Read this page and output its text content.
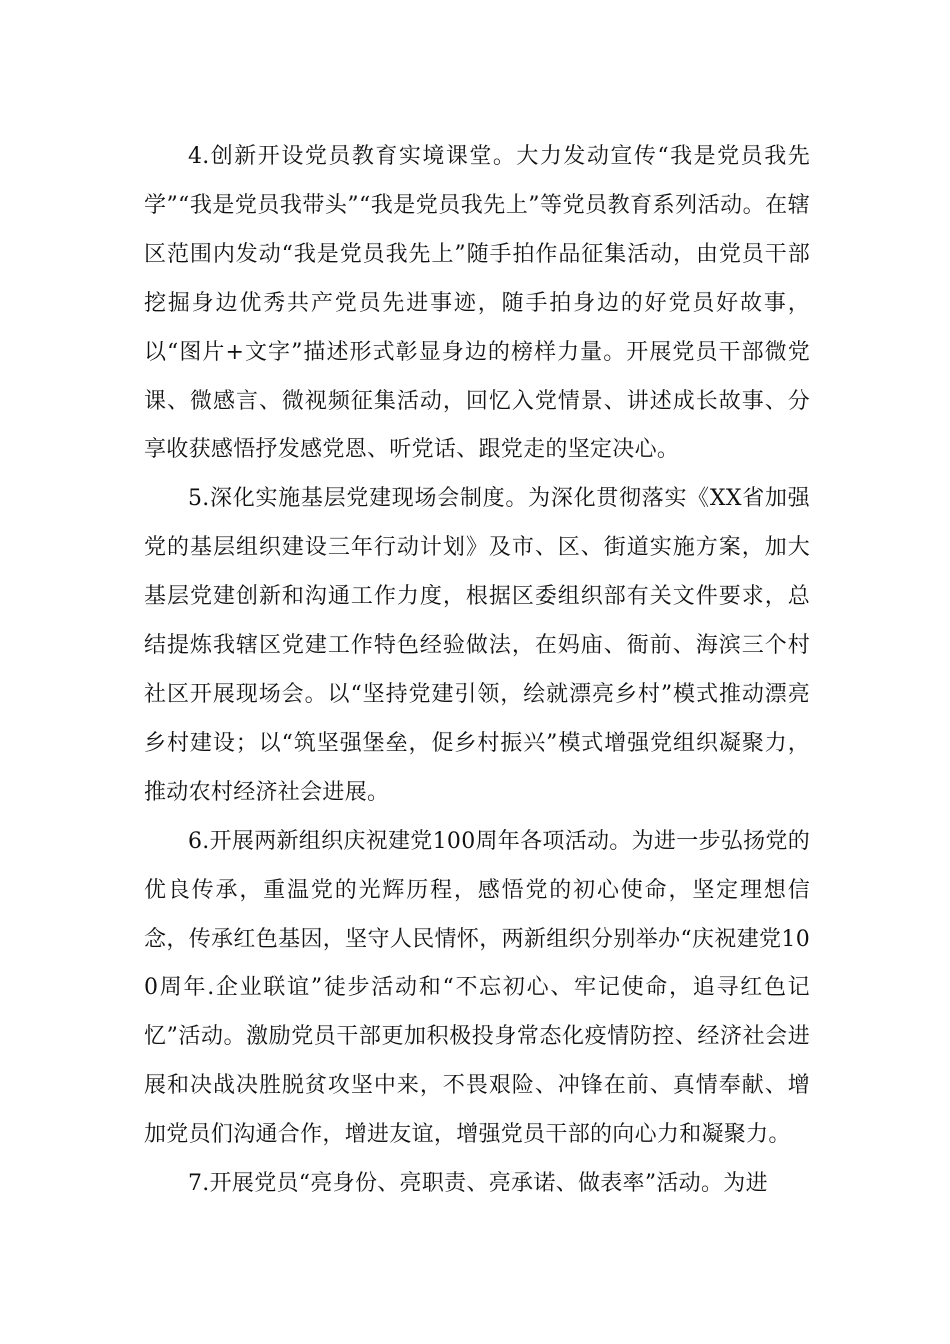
4.创新开设党员教育实境课堂。大力发动宣传“我是党员我先学”“我是党员我带头”“我是党员我先上”等党员教育系列活动。在辖区范围内发动“我是党员我先上”随手拍作品征集活动，由党员干部挖掘身边优秀共产党员先进事迹，随手拍身边的好党员好故事，以“图片+文字”描述形式彰显身边的榜样力量。开展党员干部微党课、微感言、微视频征集活动，回忆入党情景、讲述成长故事、分享收获感悟抒发感党恩、听党话、跟党走的坚定决心。

5.深化实施基层党建现场会制度。为深化贯彻落实《XX省加强党的基层组织建设三年行动计划》及市、区、街道实施方案，加大基层党建创新和沟通工作力度，根据区委组织部有关文件要求，总结提炼我辖区党建工作特色经验做法，在妈庙、衙前、海滨三个村社区开展现场会。以“坚持党建引领，绘就漂亮乡村”模式推动漂亮乡村建设；以“筑坚强堡垒，促乡村振兴”模式增强党组织凝聚力，推动农村经济社会进展。

6.开展两新组织庆祝建党100周年各项活动。为进一步弘扬党的优良传承，重温党的光辉历程，感悟党的初心使命，坚定理想信念，传承红色基因，坚守人民情怀，两新组织分别举办“庆祝建党100周年.企业联谊”徒步活动和“不忘初心、牢记使命，追寻红色记忆”活动。激励党员干部更加积极投身常态化疫情防控、经济社会进展和决战决胜脱贫攻坚中来，不畏艰险、冲锋在前、真情奉献、增加党员们沟通合作，增进友谊，增强党员干部的向心力和凝聚力。

7.开展党员“亮身份、亮职责、亮承诺、做表率”活动。为进
